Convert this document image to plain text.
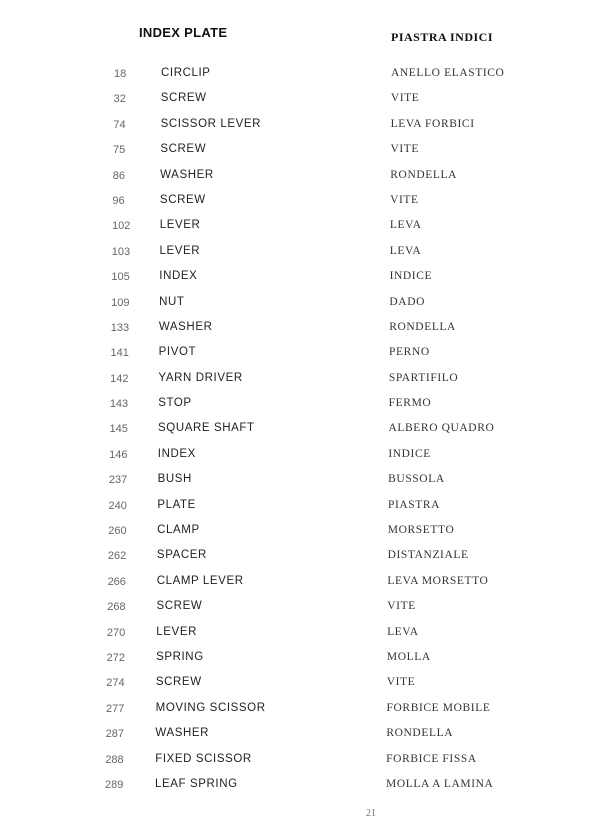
INDEX PLATE	PIASTRA INDICI
18	CIRCLIP	ANELLO ELASTICO
32	SCREW	VITE
74	SCISSOR LEVER	LEVA FORBICI
75	SCREW	VITE
86	WASHER	RONDELLA
96	SCREW	VITE
102	LEVER	LEVA
103	LEVER	LEVA
105	INDEX	INDICE
109	NUT	DADO
133	WASHER	RONDELLA
141	PIVOT	PERNO
142	YARN DRIVER	SPARTIFILO
143	STOP	FERMO
145	SQUARE SHAFT	ALBERO QUADRO
146	INDEX	INDICE
237	BUSH	BUSSOLA
240	PLATE	PIASTRA
260	CLAMP	MORSETTO
262	SPACER	DISTANZIALE
266	CLAMP LEVER	LEVA MORSETTO
268	SCREW	VITE
270	LEVER	LEVA
272	SPRING	MOLLA
274	SCREW	VITE
277	MOVING SCISSOR	FORBICE MOBILE
287	WASHER	RONDELLA
288	FIXED SCISSOR	FORBICE FISSA
289	LEAF SPRING	MOLLA A LAMINA
21
